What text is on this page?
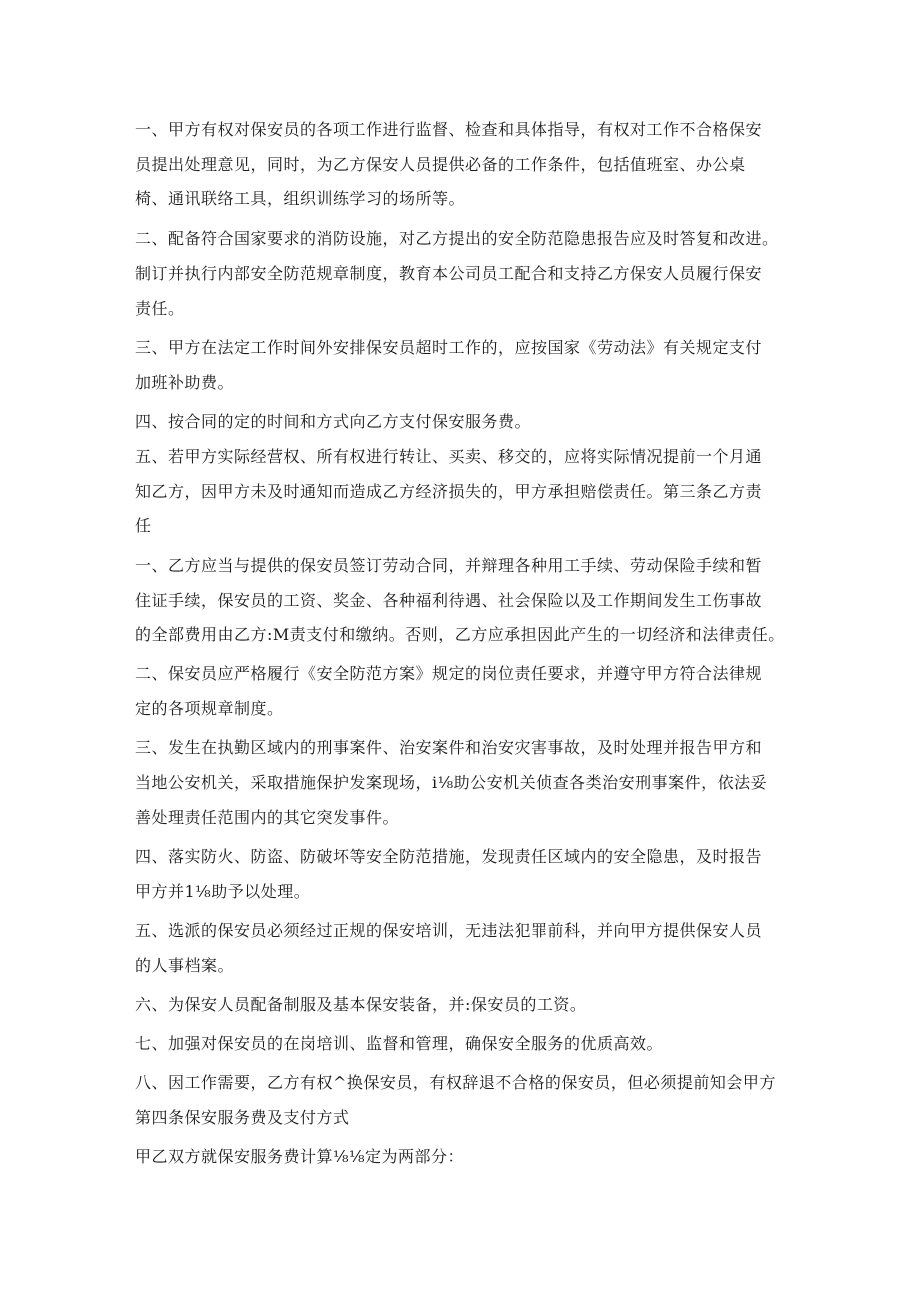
一、甲方有权对保安员的各项工作进行监督、检查和具体指导，有权对工作不合格保安
员提出处理意见，同时，为乙方保安人员提供必备的工作条件，包括值班室、办公桌
椅、通讯联络工具，组织训练学习的场所等。
二、配备符合国家要求的消防设施，对乙方提出的安全防范隐患报告应及时答复和改进。
制订并执行内部安全防范规章制度，教育本公司员工配合和支持乙方保安人员履行保安
责任。
三、甲方在法定工作时间外安排保安员超时工作的，应按国家《劳动法》有关规定支付
加班补助费。
四、按合同的定的时间和方式向乙方支付保安服务费。
五、若甲方实际经营权、所有权进行转让、买卖、移交的，应将实际情况提前一个月通
知乙方，因甲方未及时通知而造成乙方经济损失的，甲方承担赔偿责任。第三条乙方责
任
一、乙方应当与提供的保安员签订劳动合同，并辩理各种用工手续、劳动保险手续和暂
住证手续，保安员的工资、奖金、各种福利待遇、社会保险以及工作期间发生工伤事故
的全部费用由乙方:M责支付和缴纳。否则，乙方应承担因此产生的一切经济和法律责任。
二、保安员应严格履行《安全防范方案》规定的岗位责任要求，并遵守甲方符合法律规
定的各项规章制度。
三、发生在执勤区域内的刑事案件、治安案件和治安灾害事故，及时处理并报告甲方和
当地公安机关，采取措施保护发案现场，i⅛助公安机关侦查各类治安刑事案件，依法妥
善处理责任范围内的其它突发事件。
四、落实防火、防盗、防破坏等安全防范措施，发现责任区域内的安全隐患，及时报告
甲方并1⅛助予以处理。
五、选派的保安员必须经过正规的保安培训，无违法犯罪前科，并向甲方提供保安人员
的人事档案。
六、为保安人员配备制服及基本保安装备，并:保安员的工资。
七、加强对保安员的在岗培训、监督和管理，确保安全服务的优质高效。
八、因工作需要，乙方有权^换保安员，有权辞退不合格的保安员，但必须提前知会甲方
第四条保安服务费及支付方式
甲乙双方就保安服务费计算⅛⅛定为两部分：
